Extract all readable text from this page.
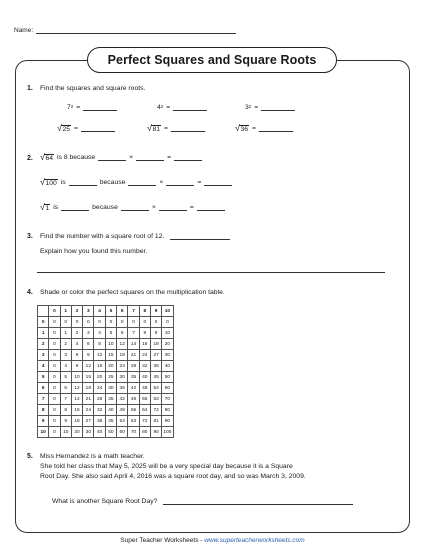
Name:
Perfect Squares and Square Roots
1. Find the squares and square roots.
7 2 =	4 2 =	3 2 =
√ 25 =	√ 81 =	√ 36 =
2. √ 64 is 8 because	×	=
√ 100 is	because	×	=
√ 1 is	because	×	=
3. Find the number with a square root of 12.
Explain how you found this number.
4. Shade or color the perfect squares on the multiplication table.
	0	1	2	3	4	5	6	7	8	9	10
0	0	0	0	0	0	0	0	0	0	0	0
1	0	1	2	3	4	5	6	7	8	9	10
2	0	2	4	6	8	10	12	14	16	18	20
3	0	3	6	9	12	15	18	21	24	27	30
4	0	4	8	12	16	20	24	28	32	36	40
5	0	5	10	15	20	25	30	35	40	45	50
6	0	6	12	18	24	30	36	42	48	54	60
7	0	7	14	21	28	35	42	49	56	63	70
8	0	8	16	24	32	40	48	56	64	72	80
9	0	9	18	27	36	45	54	63	72	81	90
10	0	10	20	30	40	50	60	70	80	90	100
5. Miss Hernandez is a math teacher.
She told her class that May 5, 2025 will be a very special day because it is a Square
Root Day. She also said April 4, 2016 was a square root day, and so was March 3, 2009.
What is another Square Root Day?
Super Teacher Worksheets - www.superteacherworksheets.com
